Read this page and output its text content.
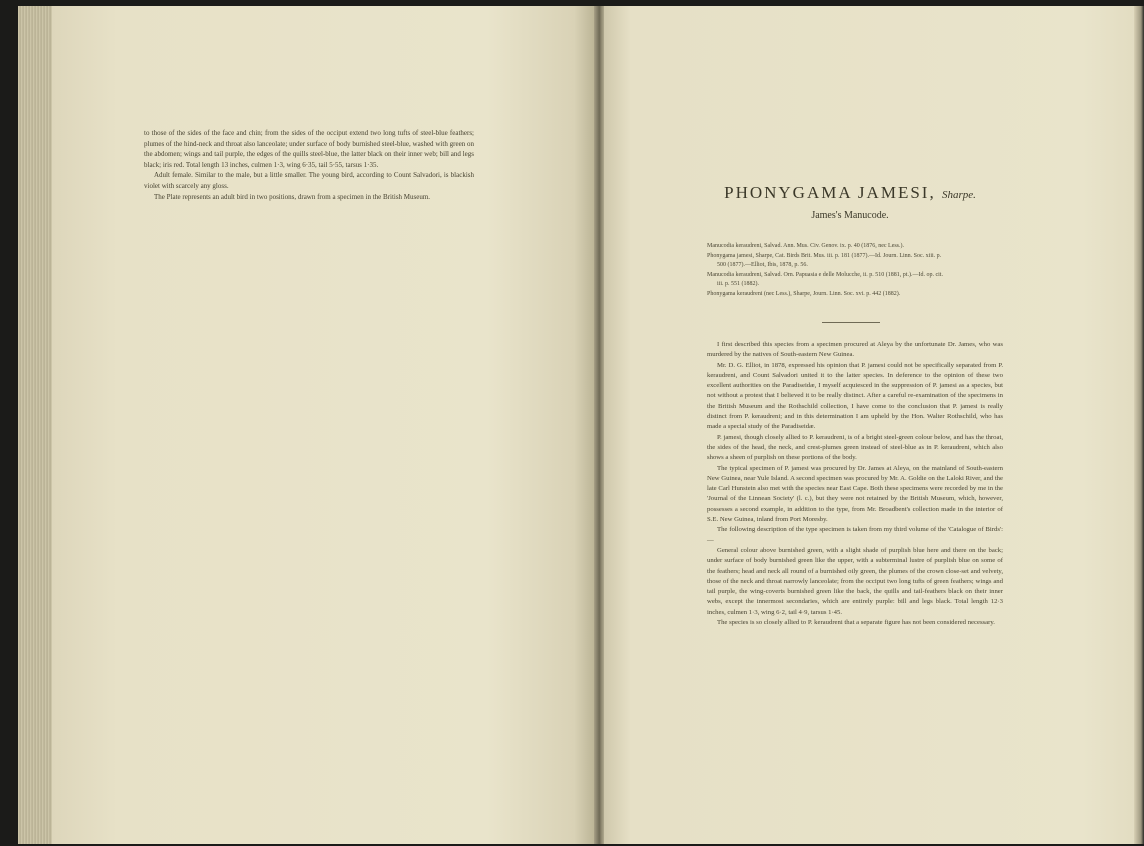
to those of the sides of the face and chin; from the sides of the occiput extend two long tufts of steel-blue feathers; plumes of the hind-neck and throat also lanceolate; under surface of body burnished steel-blue, washed with green on the abdomen; wings and tail purple, the edges of the quills steel-blue, the latter black on their inner web; bill and legs black; iris red. Total length 13 inches, culmen 1·3, wing 6·35, tail 5·55, tarsus 1·35.

Adult female. Similar to the male, but a little smaller. The young bird, according to Count Salvadori, is blackish violet with scarcely any gloss.

The Plate represents an adult bird in two positions, drawn from a specimen in the British Museum.	PHONYGAMA JAMESI, Sharpe.
James's Manucode.
Manucodia keraudreni, Salvad. Ann. Mus. Civ. Genov. ix. p. 40 (1876, nec Less.).
Phonygama jamesi, Sharpe, Cat. Birds Brit. Mus. iii. p. 181 (1877).—Id. Journ. Linn. Soc. xiii. p. 500 (1877).—Elliot, Ibis, 1878, p. 56.
Manucodia keraudreni, Salvad. Orn. Papuasia e delle Molucche, ii. p. 510 (1881, pt.).—Id. op. cit. iii. p. 551 (1882).
Phonygama keraudreni (nec Less.), Sharpe, Journ. Linn. Soc. xvi. p. 442 (1882).

I first described this species from a specimen procured at Aleya by the unfortunate Dr. James, who was murdered by the natives of South-eastern New Guinea.

Mr. D. G. Elliot, in 1878, expressed his opinion that P. jamesi could not be specifically separated from P. keraudreni, and Count Salvadori united it to the latter species. In deference to the opinion of these two excellent authorities on the Paradiseidæ, I myself acquiesced in the suppression of P. jamesi as a species, but not without a protest that I believed it to be really distinct. After a careful re-examination of the specimens in the British Museum and the Rothschild collection, I have come to the conclusion that P. jamesi is really distinct from P. keraudreni; and in this determination I am upheld by the Hon. Walter Rothschild, who has made a special study of the Paradiseidæ.

P. jamesi, though closely allied to P. keraudreni, is of a bright steel-green colour below, and has the throat, the sides of the head, the neck, and crest-plumes green instead of steel-blue as in P. keraudreni, which also shows a sheen of purplish on these portions of the body.

The typical specimen of P. jamesi was procured by Dr. James at Aleya, on the mainland of South-eastern New Guinea, near Yule Island. A second specimen was procured by Mr. A. Goldie on the Laloki River, and the late Carl Hunstein also met with the species near East Cape. Both these specimens were recorded by me in the 'Journal of the Linnean Society' (l. c.), but they were not retained by the British Museum, which, however, possesses a second example, in addition to the type, from Mr. Broadbent's collection made in the interior of S.E. New Guinea, inland from Port Moresby.

The following description of the type specimen is taken from my third volume of the 'Catalogue of Birds':—

General colour above burnished green, with a slight shade of purplish blue here and there on the back; under surface of body burnished green like the upper, with a subterminal lustre of purplish blue on some of the feathers; head and neck all round of a burnished oily green, the plumes of the crown close-set and velvety, those of the neck and throat narrowly lanceolate; from the occiput two long tufts of green feathers; wings and tail purple, the wing-coverts burnished green like the back, the quills and tail-feathers black on their inner webs, except the innermost secondaries, which are entirely purple: bill and legs black. Total length 12·3 inches, culmen 1·3, wing 6·2, tail 4·9, tarsus 1·45.

The species is so closely allied to P. keraudreni that a separate figure has not been considered necessary.
